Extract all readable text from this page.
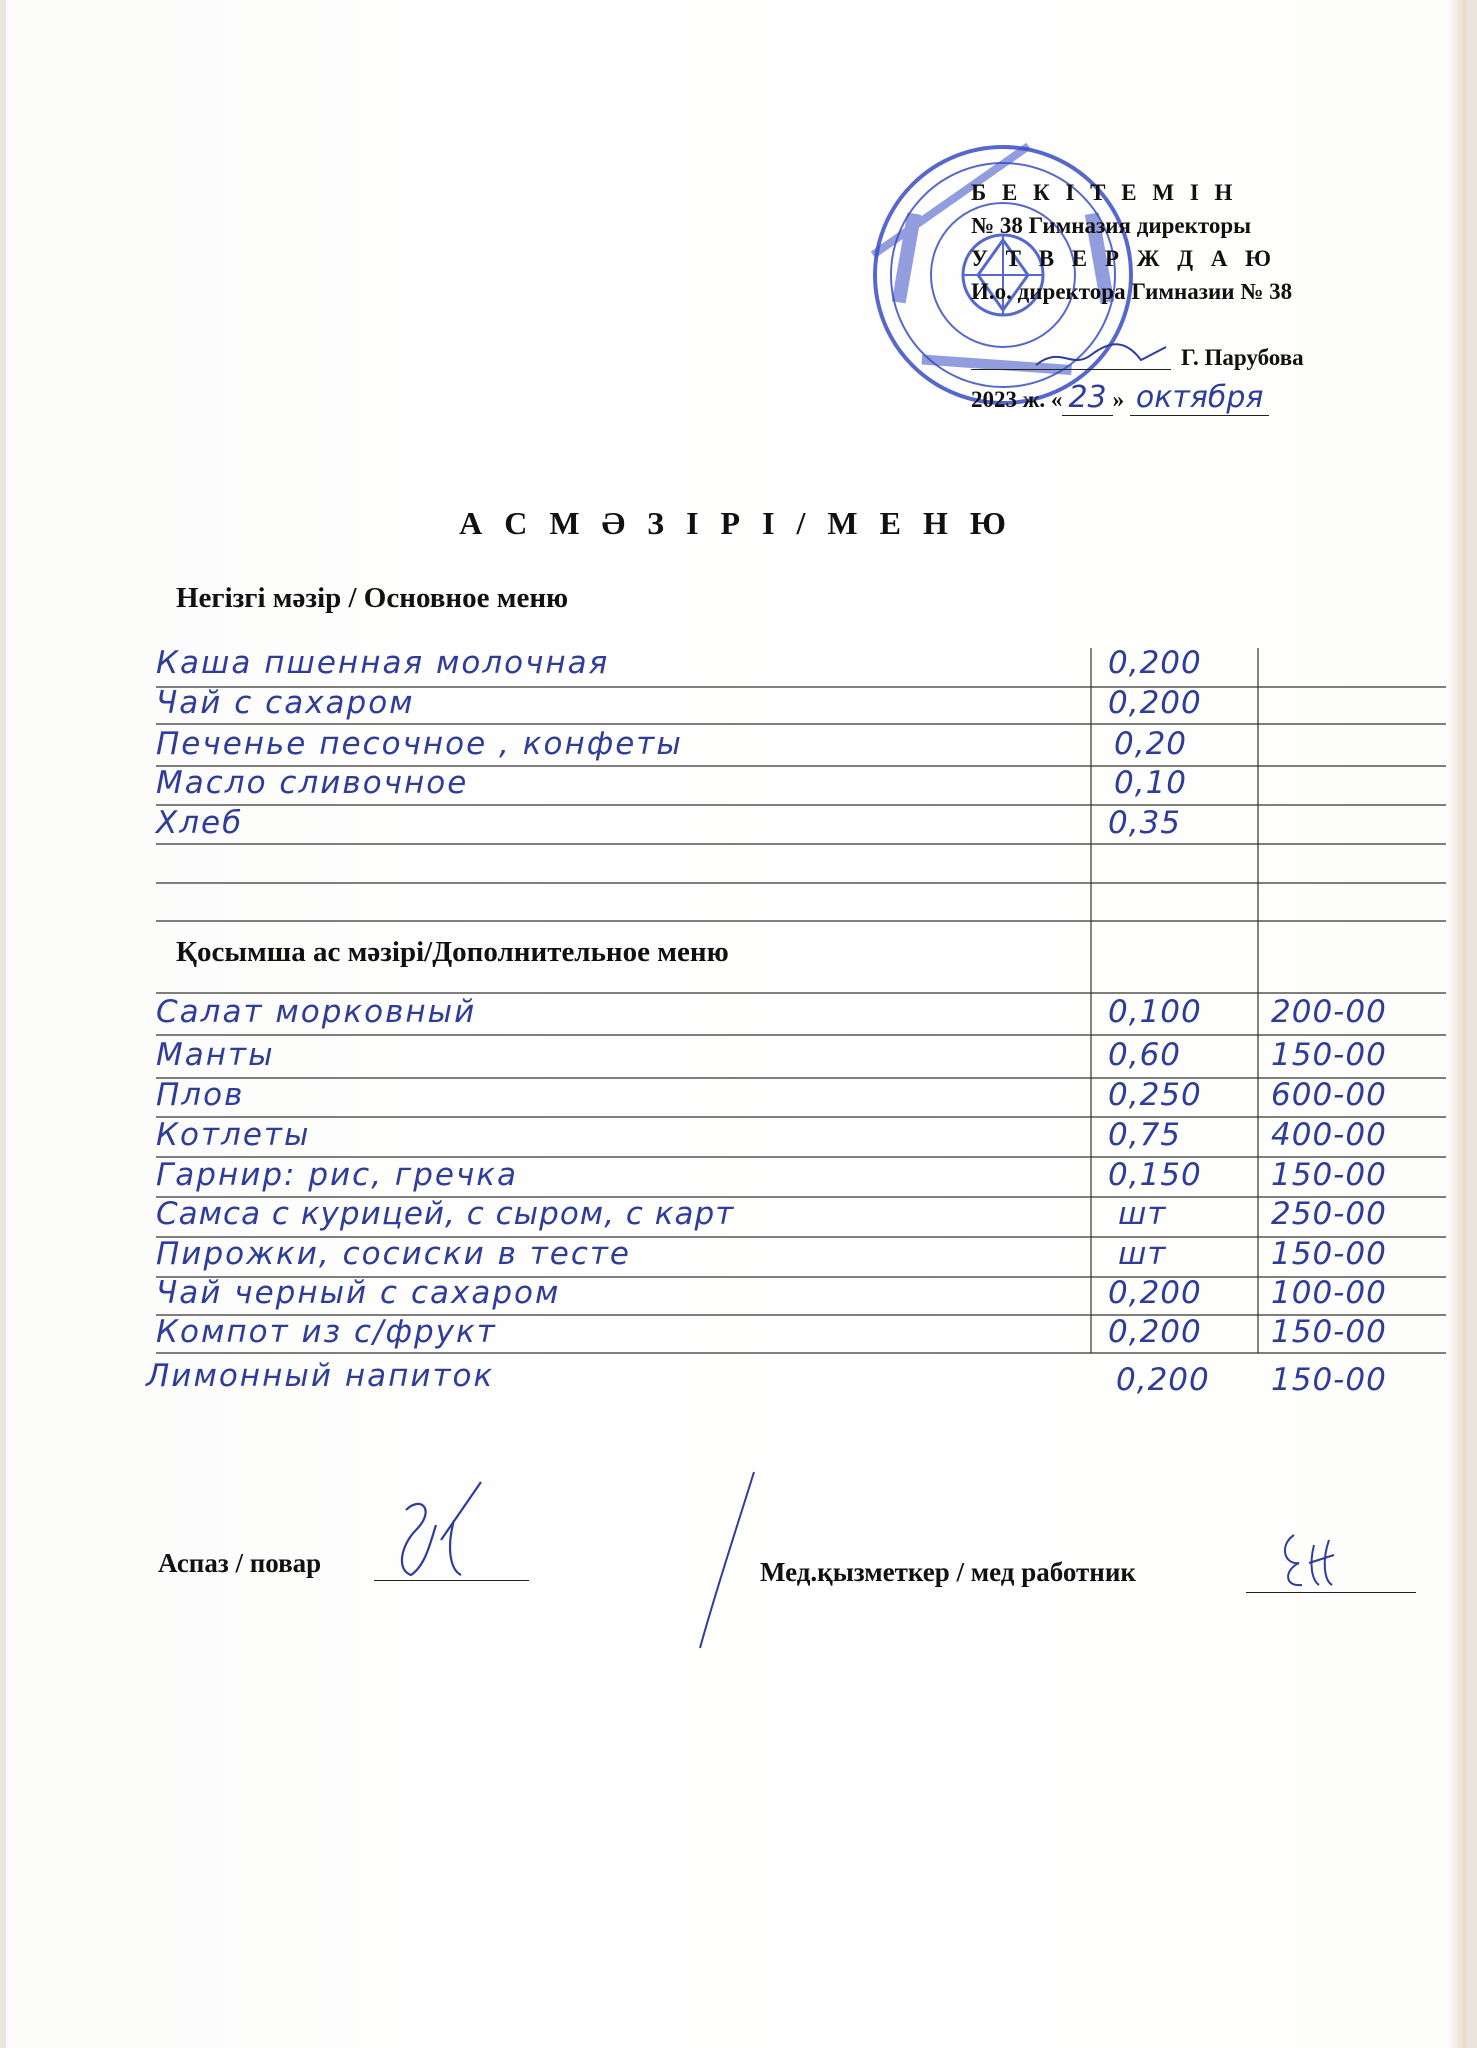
Б Е К І Т Е М І Н
№ 38 Гимназия директоры
У Т В Е Р Ж Д А Ю
И.о. директора Гимназии № 38
Г. Парубова
2023 ж. « 23 » октября
А С М Ә З І Р І / М Е Н Ю
Негізгі мәзір / Основное меню
Каша пшенная молочная	0,200
Чай с сахаром	0,200
Печенье песочное , конфеты	0,20
Масло сливочное	0,10
Хлеб	0,35
Қосымша ас мәзірі/Дополнительное меню
Салат морковный	0,100 200-00
Манты	0,60	150-00
Плов	0,250 600-00
Котлеты	0,75	400-00
Гарнир: рис, гречка	0,150 150-00
Самса с курицей, с сыром, с карт	шт	250-00
Пирожки, сосиски в тесте	шт	150-00
Чай черный с сахаром	0,200 100-00
Компот из с/фрукт	0,200 150-00
Лимонный напиток	0,200 150-00
Аспаз / повар	Мед.қызметкер / мед работник
